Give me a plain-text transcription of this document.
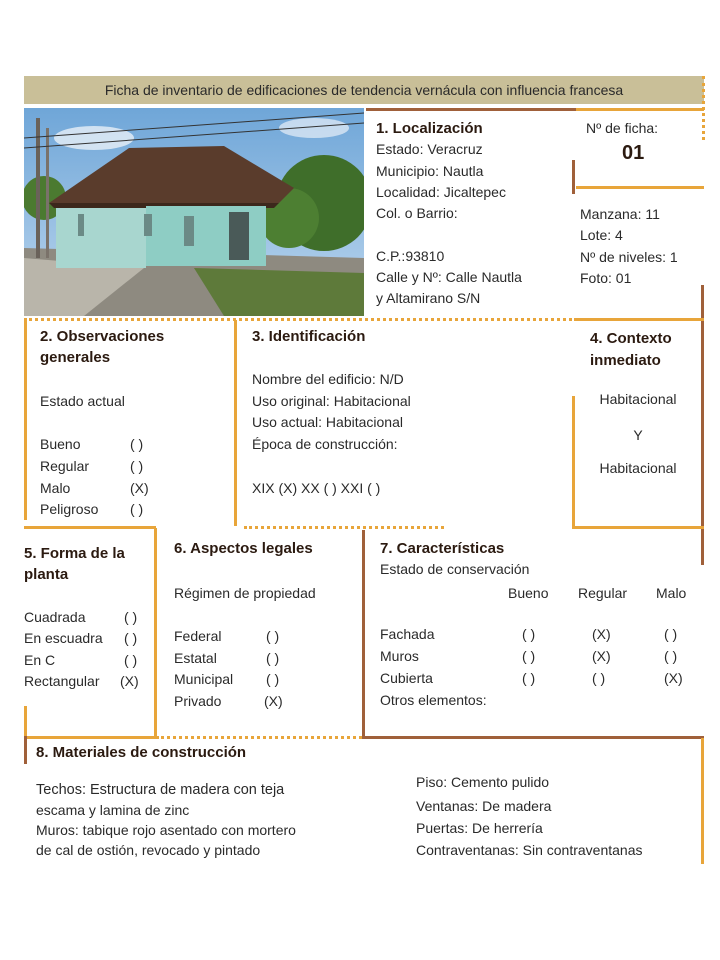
Ficha de inventario de edificaciones de tendencia vernácula con influencia francesa
1. Localización
Estado: Veracruz
Municipio: Nautla
Localidad: Jicaltepec
Col. o Barrio:
C.P.:93810
Calle y Nº: Calle Nautla
y Altamirano S/N
Nº de ficha:
01
Manzana: 11
Lote: 4
Nº de niveles: 1
Foto: 01
2. Observaciones
generales
Estado actual
Bueno	( )
Regular	( )
Malo	(X)
Peligroso ( )
3. Identificación
Nombre del edificio: N/D
Uso original: Habitacional
Uso actual: Habitacional
Época de construcción:
XIX (X) XX ( ) XXI ( )
4. Contexto
inmediato
Habitacional
Y
Habitacional
5. Forma de la
planta
Cuadrada	( )
En escuadra ( )
En C	( )
Rectangular (X)
6. Aspectos legales
Régimen de propiedad
Federal	( )
Estatal	( )
Municipal ( )
Privado	(X)
7. Características
Estado de conservación
Bueno Regular Malo
Fachada	( )	(X)	( )
Muros	( )	(X)	( )
Cubierta	( )	( )	(X)
Otros elementos:
8. Materiales de construcción
Techos: Estructura de madera con teja
escama y lamina de zinc
Muros: tabique rojo asentado con mortero
de cal de ostión, revocado y pintado
Piso: Cemento pulido
Ventanas: De madera
Puertas: De herrería
Contraventanas: Sin contraventanas
